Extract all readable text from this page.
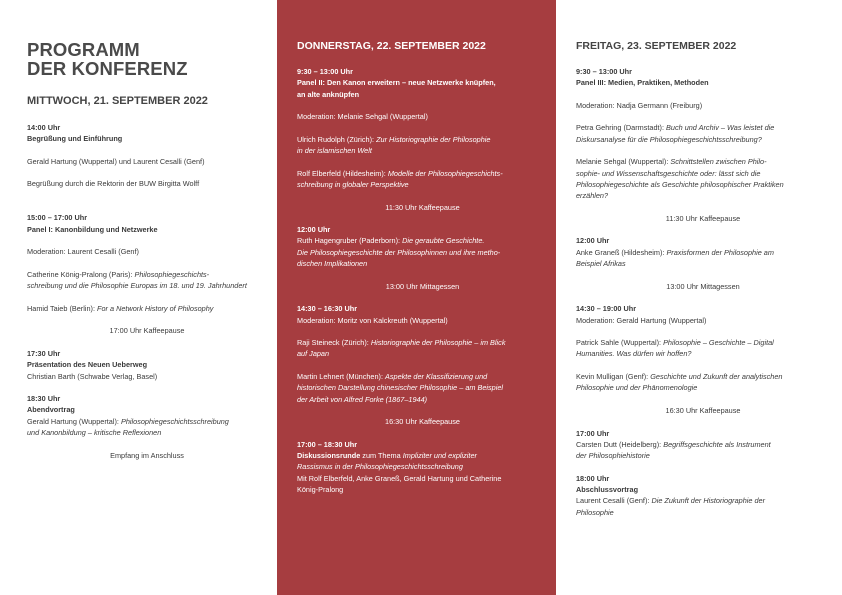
PROGRAMM
DER KONFERENZ
MITTWOCH, 21. SEPTEMBER 2022
14:00 Uhr
Begrüßung und Einführung
Gerald Hartung (Wuppertal) und Laurent Cesalli (Genf)
Begrüßung durch die Rektorin der BUW Birgitta Wolff
15:00 – 17:00 Uhr
Panel I: Kanonbildung und Netzwerke
Moderation: Laurent Cesalli (Genf)
Catherine König-Pralong (Paris): Philosophiegeschichts-
schreibung und die Philosophie Europas im 18. und 19. Jahrhundert
Hamid Taieb (Berlin): For a Network History of Philosophy
17:00 Uhr Kaffeepause
17:30 Uhr
Präsentation des Neuen Ueberweg
Christian Barth (Schwabe Verlag, Basel)
18:30 Uhr
Abendvortrag
Gerald Hartung (Wuppertal): Philosophiegeschichtsschreibung
und Kanonbildung – kritische Reflexionen
Empfang im Anschluss
DONNERSTAG, 22. SEPTEMBER 2022
9:30 – 13:00 Uhr
Panel II: Den Kanon erweitern – neue Netzwerke knüpfen,
an alte anknüpfen
Moderation: Melanie Sehgal (Wuppertal)
Ulrich Rudolph (Zürich): Zur Historiographie der Philosophie
in der islamischen Welt
Rolf Elberfeld (Hildesheim): Modelle der Philosophiegeschichts-
schreibung in globaler Perspektive
11:30 Uhr Kaffeepause
12:00 Uhr
Ruth Hagengruber (Paderborn): Die geraubte Geschichte.
Die Philosophiegeschichte der Philosophinnen und ihre metho-
dischen Implikationen
13:00 Uhr Mittagessen
14:30 – 16:30 Uhr
Moderation: Moritz von Kalckreuth (Wuppertal)
Raji Steineck (Zürich): Historiographie der Philosophie – im Blick
auf Japan
Martin Lehnert (München): Aspekte der Klassifizierung und
historischen Darstellung chinesischer Philosophie – am Beispiel
der Arbeit von Alfred Forke (1867–1944)
16:30 Uhr Kaffeepause
17:00 – 18:30 Uhr
Diskussionsrunde zum Thema Impliziter und expliziter
Rassismus in der Philosophiegeschichtsschreibung
Mit Rolf Elberfeld, Anke Graneß, Gerald Hartung und Catherine
König-Pralong
FREITAG, 23. SEPTEMBER 2022
9:30 – 13:00 Uhr
Panel III: Medien, Praktiken, Methoden
Moderation: Nadja Germann (Freiburg)
Petra Gehring (Darmstadt): Buch und Archiv – Was leistet die
Diskursanalyse für die Philosophiegeschichtsschreibung?
Melanie Sehgal (Wuppertal): Schnittstellen zwischen Philo-
sophie- und Wissenschaftsgeschichte oder: lässt sich die
Philosophiegeschichte als Geschichte philosophischer Praktiken
erzählen?
11:30 Uhr Kaffeepause
12:00 Uhr
Anke Graneß (Hildesheim): Praxisformen der Philosophie am
Beispiel Afrikas
13:00 Uhr Mittagessen
14:30 – 19:00 Uhr
Moderation: Gerald Hartung (Wuppertal)
Patrick Sahle (Wuppertal): Philosophie – Geschichte – Digital
Humanities. Was dürfen wir hoffen?
Kevin Mulligan (Genf): Geschichte und Zukunft der analytischen
Philosophie und der Phänomenologie
16:30 Uhr Kaffeepause
17:00 Uhr
Carsten Dutt (Heidelberg): Begriffsgeschichte als Instrument
der Philosophiehistorie
18:00 Uhr
Abschlussvortrag
Laurent Cesalli (Genf): Die Zukunft der Historiographie der
Philosophie
